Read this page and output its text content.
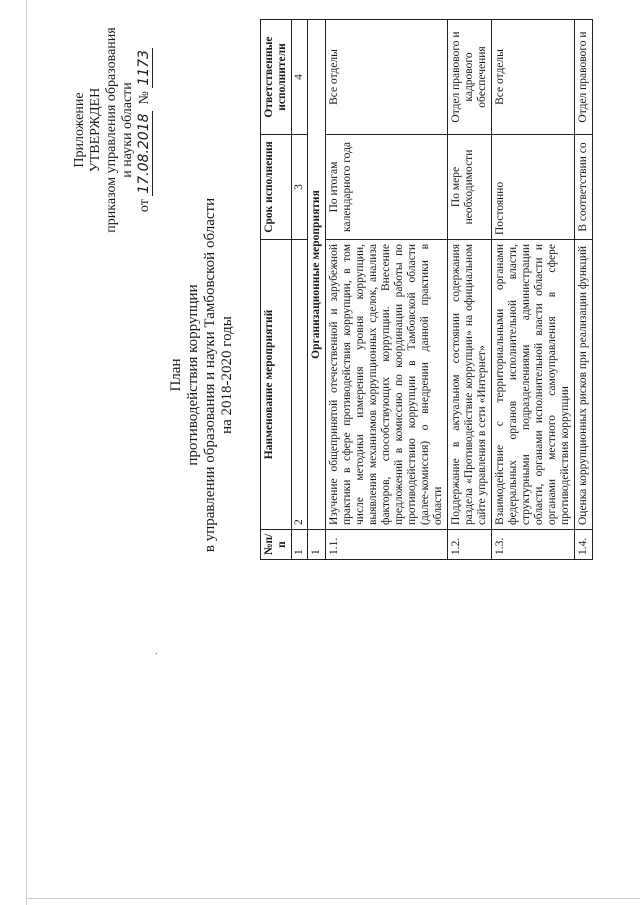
Приложение УТВЕРЖДЕН приказом управления образования и науки области
от 17.08.2018  № 1173
План противодействия коррупции в управлении образования и науки Тамбовской области на 2018-2020 годы
·
№п/п	Наименование мероприятий	Срок исполнения	Ответственные исполнители
1	2	3	4
1	Организационные мероприятия		
1.1.	Изучение общепринятой отечественной и зарубежной практики в сфере противодействия коррупции, в том числе методики измерения уровня коррупции, выявления механизмов коррупционных сделок, анализа факторов, способствующих коррупции. Внесение предложений в комиссию по координации работы по противодействию коррупции в Тамбовской области (далее-комиссия) о внедрении данной практики в области	По итогам календарного года	Все отделы
1.2.	Поддержание в актуальном состоянии содержания раздела «Противодействие коррупции» на официальном сайте управления в сети «Интернет»	По мере необходимости	Отдел правового и кадрового обеспечения
1.3.	Взаимодействие с территориальными органами федеральных органов исполнительной власти, структурными подразделениями администрации области, органами исполнительной власти области и органами местного самоуправления в сфере противодействия коррупции	Постоянно	Все отделы
1.4.	Оценка коррупционных рисков при реализации функций	В соответствии со	Отдел правового и
